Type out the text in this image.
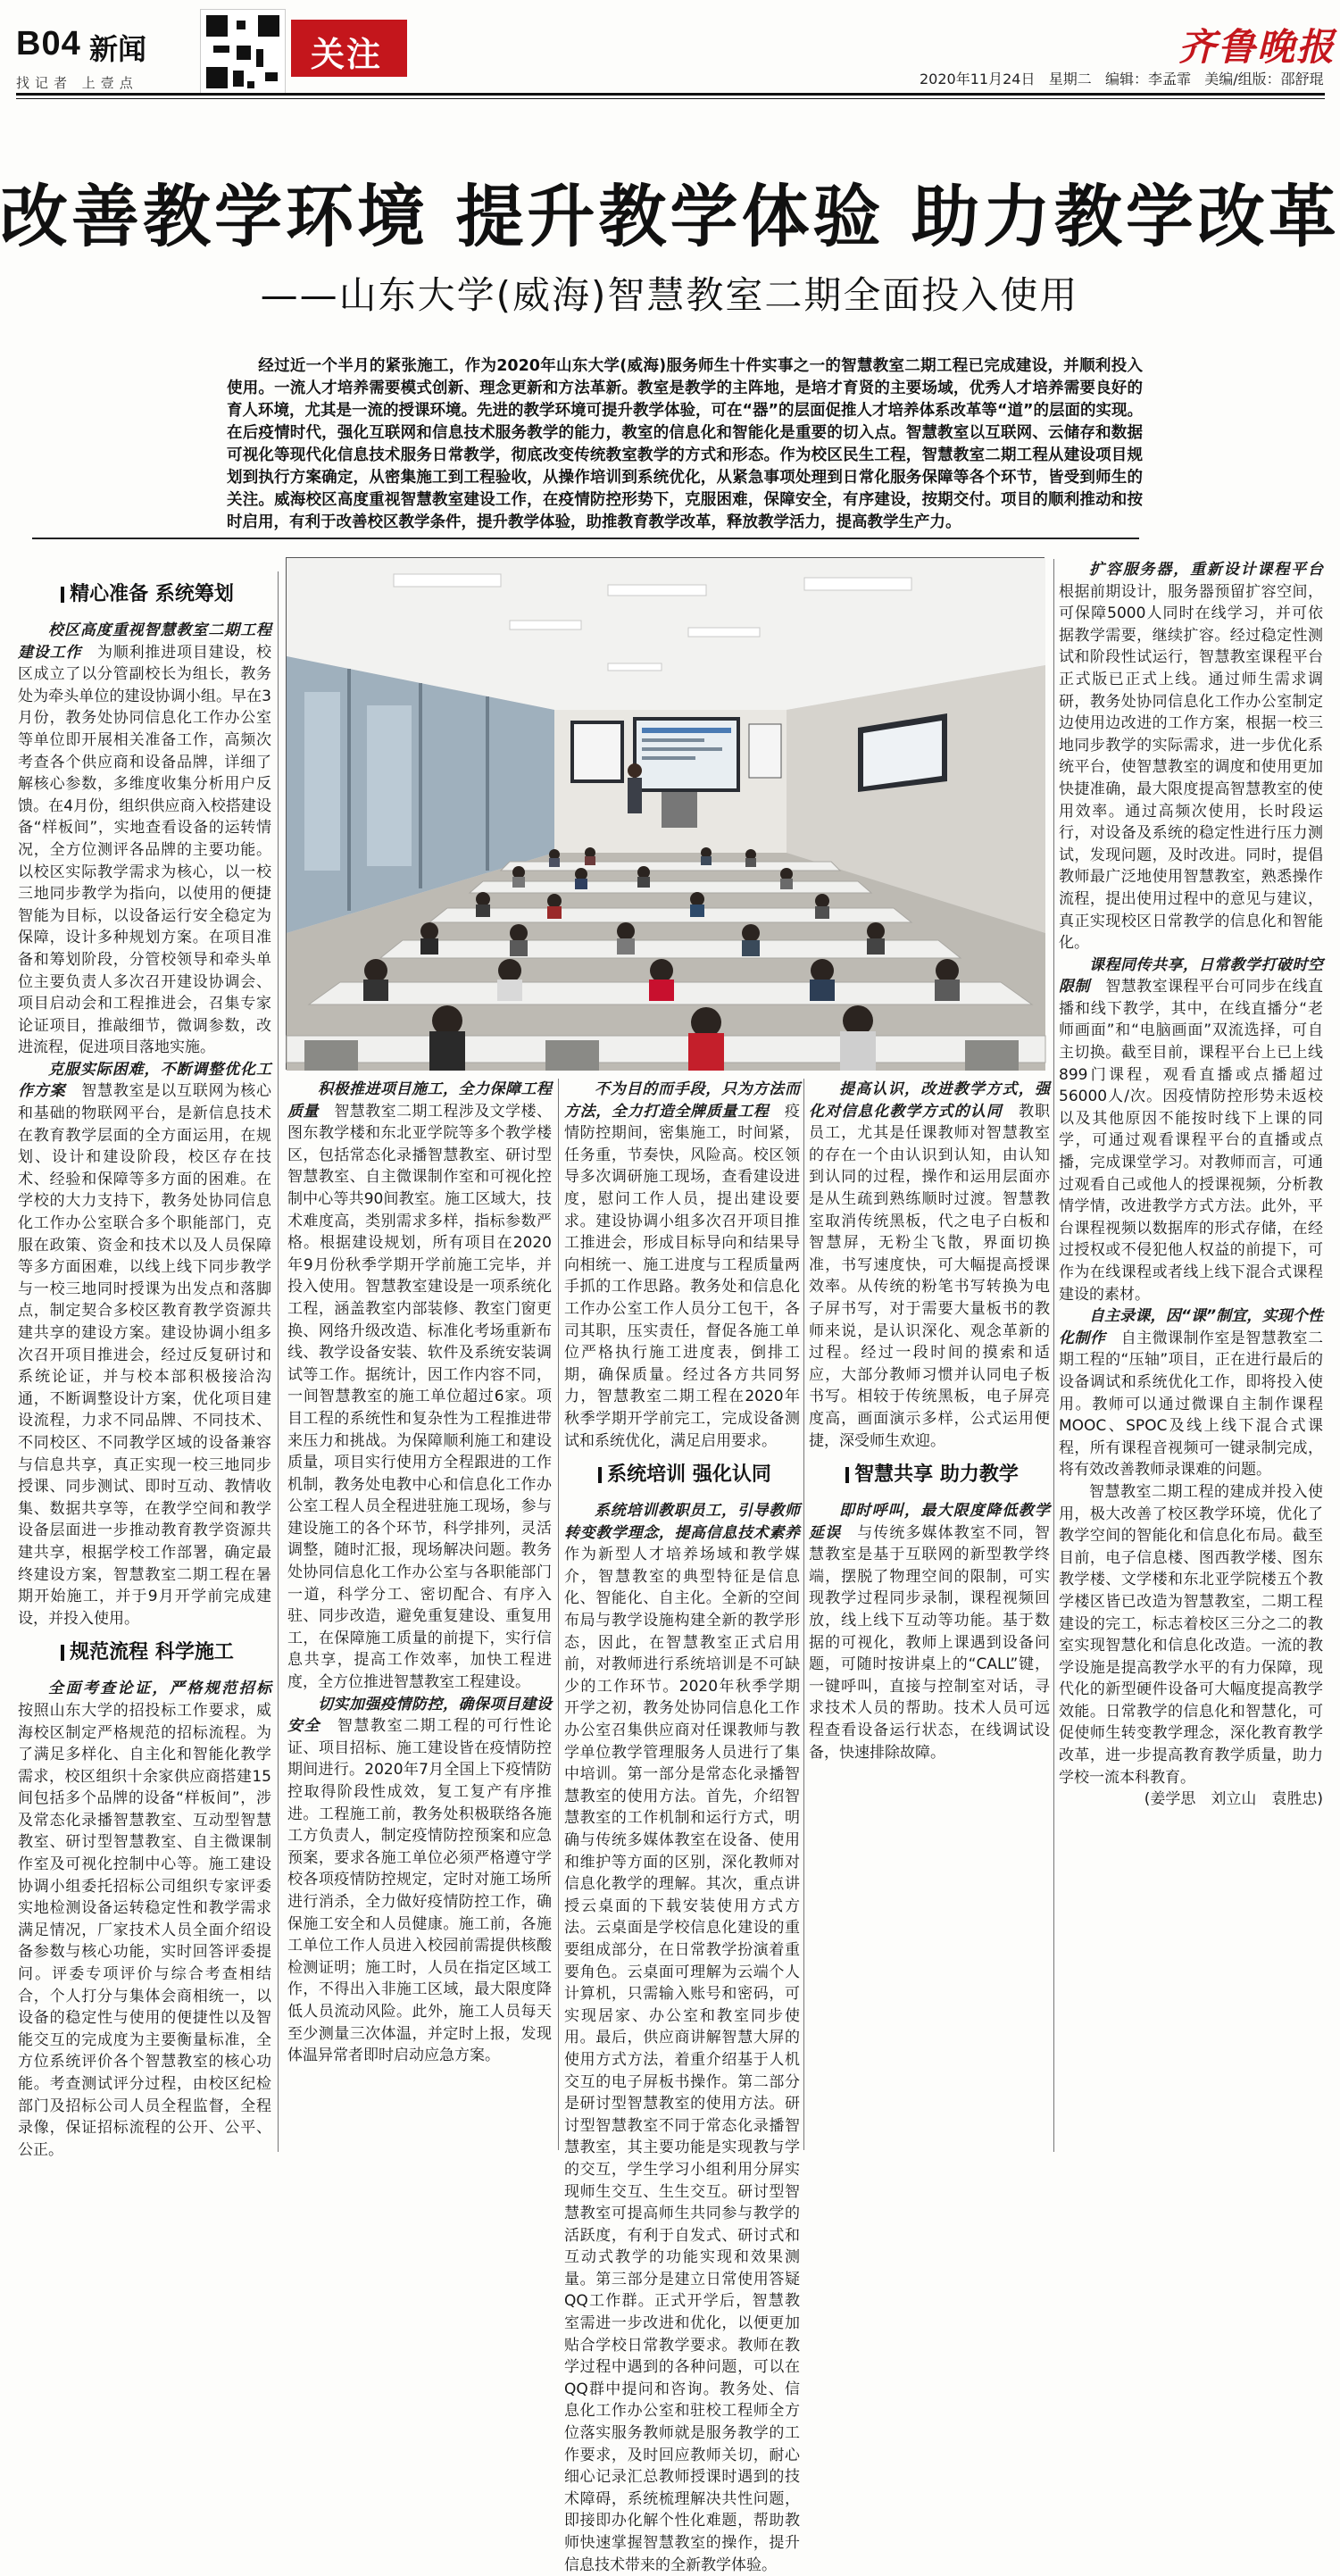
B04 新闻
找记者 上壹点
关注	齐鲁晚报
2020年11月24日 星期二 编辑：李孟霏 美编/组版：邵舒琨
改善教学环境 提升教学体验 助力教学改革
——山东大学(威海)智慧教室二期全面投入使用
经过近一个半月的紧张施工，作为2020年山东大学(威海)服务师生十件实事之一的智慧教室二期工程已完成建设，并顺利投入使用。一流人才培养需要模式创新、理念更新和方法革新。教室是教学的主阵地，是培才育贤的主要场域，优秀人才培养需要良好的育人环境，尤其是一流的授课环境。先进的教学环境可提升教学体验，可在“器”的层面促推人才培养体系改革等“道”的层面的实现。在后疫情时代，强化互联网和信息技术服务教学的能力，教室的信息化和智能化是重要的切入点。智慧教室以互联网、云储存和数据可视化等现代化信息技术服务日常教学，彻底改变传统教室教学的方式和形态。作为校区民生工程，智慧教室二期工程从建设项目规划到执行方案确定，从密集施工到工程验收，从操作培训到系统优化，从紧急事项处理到日常化服务保障等各个环节，皆受到师生的关注。威海校区高度重视智慧教室建设工作，在疫情防控形势下，克服困难，保障安全，有序建设，按期交付。项目的顺利推动和按时启用，有利于改善校区教学条件，提升教学体验，助推教育教学改革，释放教学活力，提高教学生产力。
精心准备 系统筹划

校区高度重视智慧教室二期工程建设工作　 为顺利推进项目建设，校区成立了以分管副校长为组长，教务处为牵头单位的建设协调小组。早在3月份，教务处协同信息化工作办公室等单位即开展相关准备工作，高频次考查各个供应商和设备品牌，详细了解核心参数，多维度收集分析用户反馈。在4月份，组织供应商入校搭建设备“样板间”，实地查看设备的运转情况，全方位测评各品牌的主要功能。以校区实际教学需求为核心，以一校三地同步教学为指向，以使用的便捷智能为目标，以设备运行安全稳定为保障，设计多种规划方案。在项目准备和筹划阶段，分管校领导和牵头单位主要负责人多次召开建设协调会、项目启动会和工程推进会，召集专家论证项目，推敲细节，微调参数，改进流程，促进项目落地实施。

克服实际困难，不断调整优化工作方案　 智慧教室是以互联网为核心和基础的物联网平台，是新信息技术在教育教学层面的全方面运用，在规划、设计和建设阶段，校区存在技术、经验和保障等多方面的困难。在学校的大力支持下，教务处协同信息化工作办公室联合多个职能部门，克服在政策、资金和技术以及人员保障等多方面困难，以线上线下同步教学与一校三地同时授课为出发点和落脚点，制定契合多校区教育教学资源共建共享的建设方案。建设协调小组多次召开项目推进会，经过反复研讨和系统论证，并与校本部积极接洽沟通，不断调整设计方案，优化项目建设流程，力求不同品牌、不同技术、不同校区、不同教学区域的设备兼容与信息共享，真正实现一校三地同步授课、同步测试、即时互动、教情收集、数据共享等，在教学空间和教学设备层面进一步推动教育教学资源共建共享，根据学校工作部署，确定最终建设方案，智慧教室二期工程在暑期开始施工，并于9月开学前完成建设，并投入使用。

规范流程 科学施工

全面考查论证，严格规范招标　按照山东大学的招投标工作要求，威海校区制定严格规范的招标流程。为了满足多样化、自主化和智能化教学需求，校区组织十余家供应商搭建15间包括多个品牌的设备“样板间”，涉及常态化录播智慧教室、互动型智慧教室、研讨型智慧教室、自主微课制作室及可视化控制中心等。施工建设协调小组委托招标公司组织专家评委实地检测设备运转稳定性和教学需求满足情况，厂家技术人员全面介绍设备参数与核心功能，实时回答评委提问。评委专项评价与综合考查相结合，个人打分与集体会商相统一，以设备的稳定性与使用的便捷性以及智能交互的完成度为主要衡量标准，全方位系统评价各个智慧教室的核心功能。考查测试评分过程，由校区纪检部门及招标公司人员全程监督，全程录像，保证招标流程的公开、公平、公正。

积极推进项目施工，全力保障工程质量　 智慧教室二期工程涉及文学楼、图东教学楼和东北亚学院等多个教学楼区，包括常态化录播智慧教室、研讨型智慧教室、自主微课制作室和可视化控制中心等共90间教室。施工区域大，技术难度高，类别需求多样，指标参数严格。根据建设规划，所有项目在2020年9月份秋季学期开学前施工完毕，并投入使用。智慧教室建设是一项系统化工程，涵盖教室内部装修、教室门窗更换、网络升级改造、标准化考场重新布线、教学设备安装、软件及系统安装调试等工作。据统计，因工作内容不同，一间智慧教室的施工单位超过6家。项目工程的系统性和复杂性为工程推进带来压力和挑战。为保障顺利施工和建设质量，项目实行使用方全程跟进的工作机制，教务处电教中心和信息化工作办公室工程人员全程进驻施工现场，参与建设施工的各个环节，科学排列，灵活调整，随时汇报，现场解决问题。教务处协同信息化工作办公室与各职能部门一道，科学分工、密切配合、有序入驻、同步改造，避免重复建设、重复用工，在保障施工质量的前提下，实行信息共享，提高工作效率，加快工程进度，全方位推进智慧教室工程建设。

切实加强疫情防控，确保项目建设安全　 智慧教室二期工程的可行性论证、项目招标、施工建设皆在疫情防控期间进行。2020年7月全国上下疫情防控取得阶段性成效，复工复产有序推进。工程施工前，教务处积极联络各施工方负责人，制定疫情防控预案和应急预案，要求各施工单位必须严格遵守学校各项疫情防控规定，定时对施工场所进行消杀，全力做好疫情防控工作，确保施工安全和人员健康。施工前，各施工单位工作人员进入校园前需提供核酸检测证明；施工时，人员在指定区域工作，不得出入非施工区域，最大限度降低人员流动风险。此外，施工人员每天至少测量三次体温，并定时上报，发现体温异常者即时启动应急方案。

不为目的而手段，只为方法而方法，全力打造全牌质量工程　 疫情防控期间，密集施工，时间紧，任务重，节奏快，风险高。校区领导多次调研施工现场，查看建设进度，慰问工作人员，提出建设要求。建设协调小组多次召开项目推工推进会，形成目标导向和结果导向相统一、施工进度与工程质量两手抓的工作思路。教务处和信息化工作办公室工作人员分工包干，各司其职，压实责任，督促各施工单位严格执行施工进度表，倒排工期，确保质量。经过各方共同努力，智慧教室二期工程在2020年秋季学期开学前完工，完成设备测试和系统优化，满足启用要求。

系统培训 强化认同

系统培训教职员工，引导教师转变教学理念，提高信息技术素养　作为新型人才培养场域和教学媒介，智慧教室的典型特征是信息化、智能化、自主化。全新的空间布局与教学设施构建全新的教学形态，因此，在智慧教室正式启用前，对教师进行系统培训是不可缺少的工作环节。2020年秋季学期开学之初，教务处协同信息化工作办公室召集供应商对任课教师与教学单位教学管理服务人员进行了集中培训。第一部分是常态化录播智慧教室的使用方法。首先，介绍智慧教室的工作机制和运行方式，明确与传统多媒体教室在设备、使用和维护等方面的区别，深化教师对信息化教学的理解。其次，重点讲授云桌面的下载安装使用方式方法。云桌面是学校信息化建设的重要组成部分，在日常教学扮演着重要角色。云桌面可理解为云端个人计算机，只需输入账号和密码，可实现居家、办公室和教室同步使用。最后，供应商讲解智慧大屏的使用方式方法，着重介绍基于人机交互的电子屏板书操作。第二部分是研讨型智慧教室的使用方法。研讨型智慧教室不同于常态化录播智慧教室，其主要功能是实现教与学的交互，学生学习小组利用分屏实现师生交互、生生交互。研讨型智慧教室可提高师生共同参与教学的活跃度，有利于自发式、研讨式和互动式教学的功能实现和效果测量。第三部分是建立日常使用答疑QQ工作群。正式开学后，智慧教室需进一步改进和优化，以便更加贴合学校日常教学要求。教师在教学过程中遇到的各种问题，可以在QQ群中提问和咨询。教务处、信息化工作办公室和驻校工程师全方位落实服务教师就是服务教学的工作要求，及时回应教师关切，耐心细心记录汇总教师授课时遇到的技术障碍，系统梳理解决共性问题，即接即办化解个性化难题，帮助教师快速掌握智慧教室的操作，提升信息技术带来的全新教学体验。

提高认识，改进教学方式，强化对信息化教学方式的认同　 教职员工，尤其是任课教师对智慧教室的存在一个由认识到认知，由认知到认同的过程，操作和运用层面亦是从生疏到熟练顺时过渡。智慧教室取消传统黑板，代之电子白板和智慧屏，无粉尘飞散，界面切换准，书写速度快，可大幅提高授课效率。从传统的粉笔书写转换为电子屏书写，对于需要大量板书的教师来说，是认识深化、观念革新的过程。经过一段时间的摸索和适应，大部分教师习惯并认同电子板书写。相较于传统黑板，电子屏亮度高，画面演示多样，公式运用便捷，深受师生欢迎。

智慧共享 助力教学

即时呼叫，最大限度降低教学延误　 与传统多媒体教室不同，智慧教室是基于互联网的新型教学终端，摆脱了物理空间的限制，可实现教学过程同步录制，课程视频回放，线上线下互动等功能。基于数据的可视化，教师上课遇到设备问题，可随时按讲桌上的“CALL”键，一键呼叫，直接与控制室对话，寻求技术人员的帮助。技术人员可远程查看设备运行状态，在线调试设备，快速排除故障。

扩容服务器，重新设计课程平台　根据前期设计，服务器预留扩容空间，可保障5000人同时在线学习，并可依据教学需要，继续扩容。经过稳定性测试和阶段性试运行，智慧教室课程平台正式版已正式上线。通过师生需求调研，教务处协同信息化工作办公室制定边使用边改进的工作方案，根据一校三地同步教学的实际需求，进一步优化系统平台，使智慧教室的调度和使用更加快捷准确，最大限度提高智慧教室的使用效率。通过高频次使用，长时段运行，对设备及系统的稳定性进行压力测试，发现问题，及时改进。同时，提倡教师最广泛地使用智慧教室，熟悉操作流程，提出使用过程中的意见与建议，真正实现校区日常教学的信息化和智能化。

课程同传共享，日常教学打破时空限制　 智慧教室课程平台可同步在线直播和线下教学，其中，在线直播分“老师画面”和“电脑画面”双流选择，可自主切换。截至目前，课程平台上已上线899门课程，观看直播或点播超过56000人/次。因疫情防控形势未返校以及其他原因不能按时线下上课的同学，可通过观看课程平台的直播或点播，完成课堂学习。对教师而言，可通过观看自己或他人的授课视频，分析教情学情，改进教学方式方法。此外，平台课程视频以数据库的形式存储，在经过授权或不侵犯他人权益的前提下，可作为在线课程或者线上线下混合式课程建设的素材。

自主录课，因“课”制宜，实现个性化制作　 自主微课制作室是智慧教室二期工程的“压轴”项目，正在进行最后的设备调试和系统优化工作，即将投入使用。教师可以通过微课自主制作课程MOOC、SPOC及线上线下混合式课程，所有课程音视频可一键录制完成，将有效改善教师录课难的问题。

智慧教室二期工程的建成并投入使用，极大改善了校区教学环境，优化了教学空间的智能化和信息化布局。截至目前，电子信息楼、图西教学楼、图东教学楼、文学楼和东北亚学院楼五个教学楼区皆已改造为智慧教室，二期工程建设的完工，标志着校区三分之二的教室实现智慧化和信息化改造。一流的教学设施是提高教学水平的有力保障，现代化的新型硬件设备可大幅度提高教学效能。日常教学的信息化和智慧化，可促使师生转变教学理念，深化教育教学改革，进一步提高教育教学质量，助力学校一流本科教育。

(姜学思　刘立山　袁胜忠)
